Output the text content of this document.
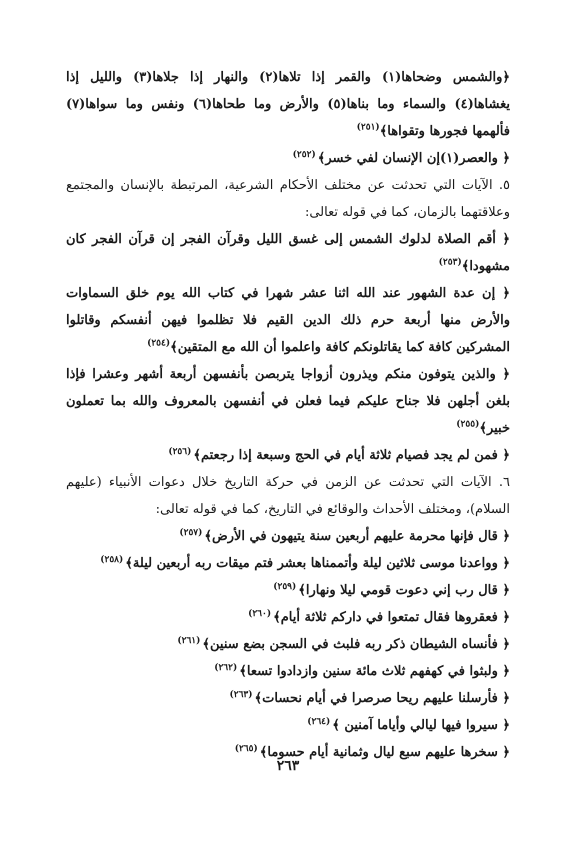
﴿والشمس وضحاها(١) والقمر إذا تلاها(٢) والنهار إذا جلاها(٣) والليل إذا يغشاها(٤) والسماء وما بناها(٥) والأرض وما طحاها(٦) ونفس وما سواها(٧) فألهمها فجورها وتقواها﴾$^{(٢٥١)}$

﴿ والعصر(١)إن الإنسان لفي خسر﴾$^{(٢٥٢)}$

٥. الآيات التي تحدثت عن مختلف الأحكام الشرعية، المرتبطة بالإنسان والمجتمع وعلاقتهما بالزمان، كما في قوله تعالى:

﴿ أقم الصلاة لدلوك الشمس إلى غسق الليل وقرآن الفجر إن قرآن الفجر كان مشهودا﴾$^{(٢٥٣)}$

﴿ إن عدة الشهور عند الله اثنا عشر شهرا في كتاب الله يوم خلق السماوات والأرض منها أربعة حرم ذلك الدين القيم فلا تظلموا فيهن أنفسكم وقاتلوا المشركين كافة كما يقاتلونكم كافة واعلموا أن الله مع المتقين﴾$^{(٢٥٤)}$

﴿ والذين يتوفون منكم ويذرون أزواجا يتربصن بأنفسهن أربعة أشهر وعشرا فإذا بلغن أجلهن فلا جناح عليكم فيما فعلن في أنفسهن بالمعروف والله بما تعملون خبير﴾$^{(٢٥٥)}$

﴿ فمن لم يجد فصيام ثلاثة أيام في الحج وسبعة إذا رجعتم﴾$^{(٢٥٦)}$

٦. الآيات التي تحدثت عن الزمن في حركة التاريخ خلال دعوات الأنبياء (عليهم السلام)، ومختلف الأحداث والوقائع في التاريخ، كما في قوله تعالى:

﴿ قال فإنها محرمة عليهم أربعين سنة يتيهون في الأرض﴾$^{(٢٥٧)}$

﴿ وواعدنا موسى ثلاثين ليلة وأتممناها بعشر فتم ميقات ربه أربعين ليلة﴾$^{(٢٥٨)}$

﴿ قال رب إني دعوت قومي ليلا ونهارا﴾$^{(٢٥٩)}$

﴿ فعقروها فقال تمتعوا في داركم ثلاثة أيام﴾$^{(٢٦٠)}$

﴿ فأنساه الشيطان ذكر ربه فلبث في السجن بضع سنين﴾$^{(٢٦١)}$

﴿ ولبثوا في كهفهم ثلاث مائة سنين وازدادوا تسعا﴾$^{(٢٦٢)}$

﴿ فأرسلنا عليهم ريحا صرصرا في أيام نحسات﴾$^{(٢٦٣)}$

﴿ سيروا فيها ليالي وأياما آمنين ﴾$^{(٢٦٤)}$

﴿ سخرها عليهم سبع ليال وثمانية أيام حسوما﴾$^{(٢٦٥)}$

٢٦٣
